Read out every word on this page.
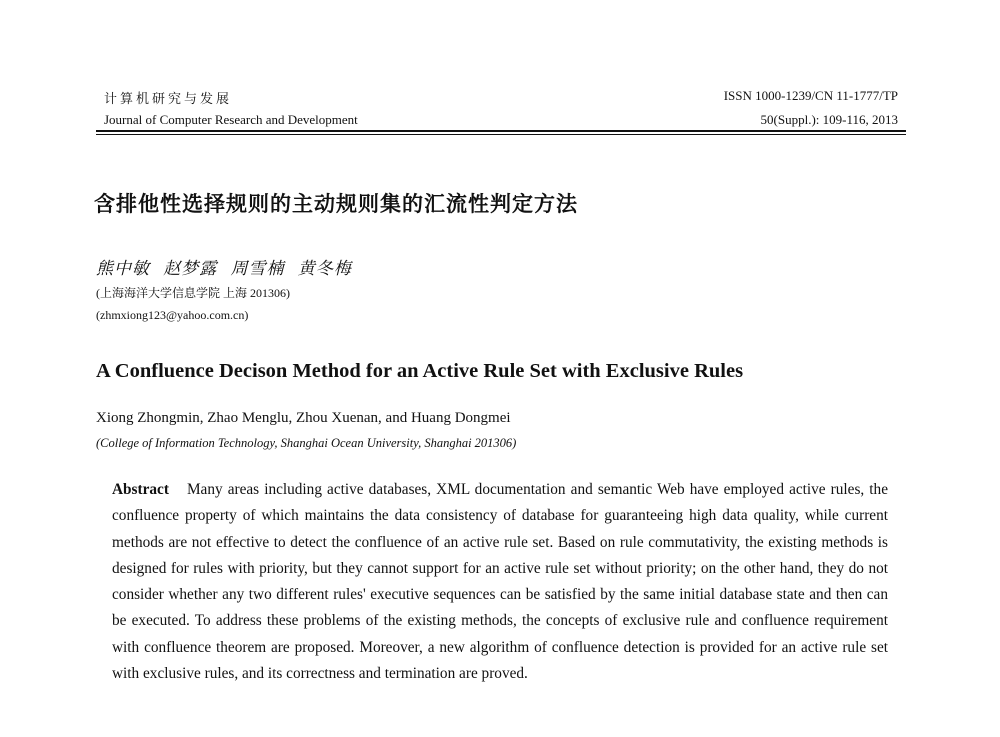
计算机研究与发展
Journal of Computer Research and Development
ISSN 1000-1239/CN 11-1777/TP
50(Suppl.): 109-116, 2013
含排他性选择规则的主动规则集的汇流性判定方法
熊中敏 赵梦露 周雪楠 黄冬梅
(上海海洋大学信息学院 上海 201306)
(zhmxiong123@yahoo.com.cn)
A Confluence Decison Method for an Active Rule Set with Exclusive Rules
Xiong Zhongmin, Zhao Menglu, Zhou Xuenan, and Huang Dongmei
(College of Information Technology, Shanghai Ocean University, Shanghai 201306)

Abstract Many areas including active databases, XML documentation and semantic Web have employed active rules, the confluence property of which maintains the data consistency of database for guaranteeing high data quality, while current methods are not effective to detect the confluence of an active rule set. Based on rule commutativity, the existing methods is designed for rules with priority, but they cannot support for an active rule set without priority; on the other hand, they do not consider whether any two different rules' executive sequences can be satisfied by the same initial database state and then can be executed. To address these problems of the existing methods, the concepts of exclusive rule and confluence requirement with confluence theorem are proposed. Moreover, a new algorithm of confluence detection is provided for an active rule set with exclusive rules, and its correctness and termination are proved.
